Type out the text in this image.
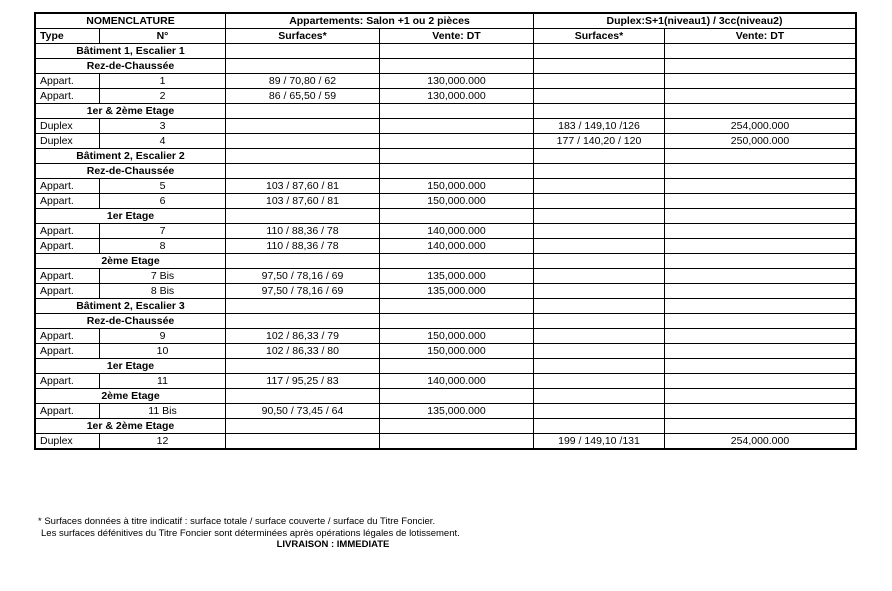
NOMENCLATURE		Appartements: Salon +1 ou 2 pièces		Duplex:S+1(niveau1) / 3cc(niveau2)	
Type	N°	Surfaces*	Vente: DT	Surfaces*	Vente: DT
Bâtiment 1, Escalier 1					
Rez-de-Chaussée					
Appart.	1	89 / 70,80 / 62	130,000.000		
Appart.	2	86 / 65,50 / 59	130,000.000		
1er & 2ème Etage					
Duplex	3			183 / 149,10 /126	254,000.000
Duplex	4			177 / 140,20 / 120	250,000.000
Bâtiment 2, Escalier 2					
Rez-de-Chaussée					
Appart.	5	103 / 87,60 / 81	150,000.000		
Appart.	6	103 / 87,60 / 81	150,000.000		
1er Etage					
Appart.	7	110 / 88,36 / 78	140,000.000		
Appart.	8	110 / 88,36 / 78	140,000.000		
2ème Etage					
Appart.	7 Bis	97,50 / 78,16 / 69	135,000.000		
Appart.	8 Bis	97,50 / 78,16 / 69	135,000.000		
Bâtiment 2, Escalier 3					
Rez-de-Chaussée					
Appart.	9	102 / 86,33 / 79	150,000.000		
Appart.	10	102 / 86,33 / 80	150,000.000		
1er Etage					
Appart.	11	117 / 95,25 / 83	140,000.000		
2ème Etage					
Appart.	11 Bis	90,50 / 73,45 / 64	135,000.000		
1er & 2ème Etage					
Duplex	12			199 / 149,10 /131	254,000.000
* Surfaces données à titre indicatif : surface totale / surface couverte / surface du Titre Foncier.
Les surfaces défénitives du Titre Foncier sont déterminées après opérations légales de lotissement.
LIVRAISON : IMMEDIATE
